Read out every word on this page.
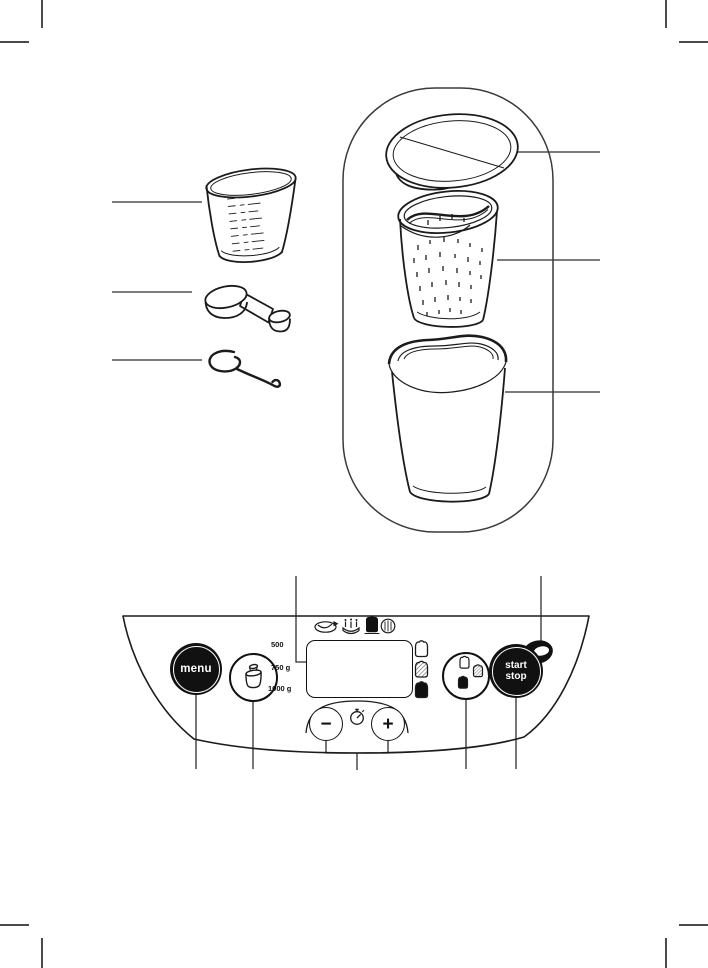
menu
500
750 g
1000 g
−	+
start
stop
